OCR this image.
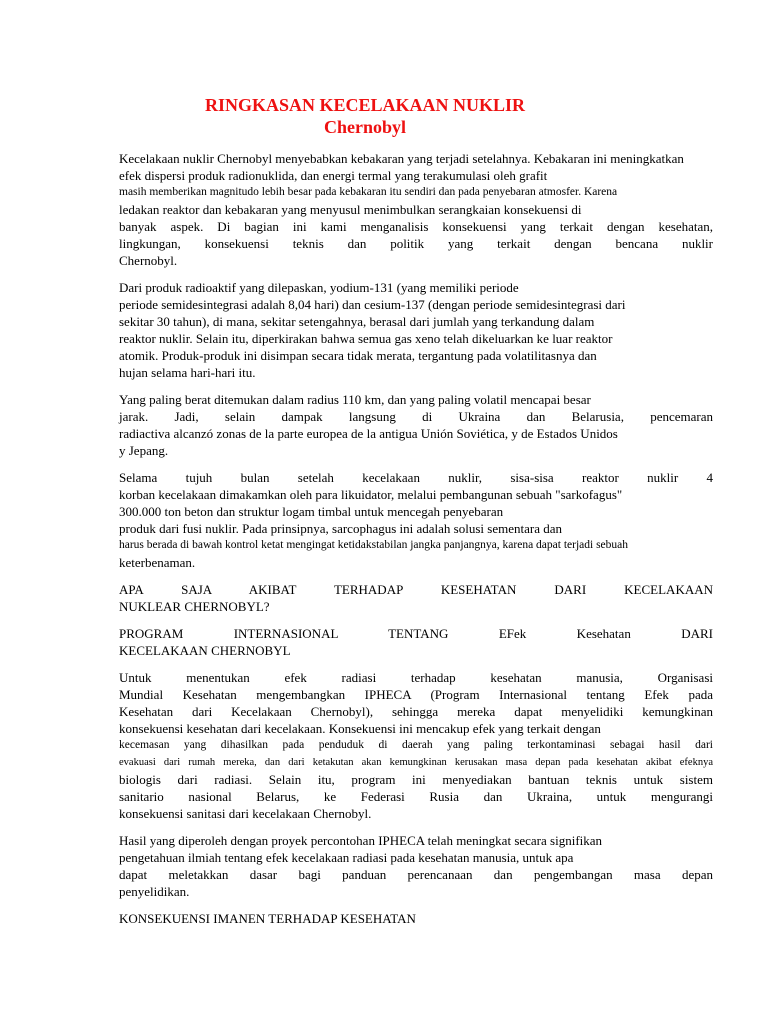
RINGKASAN KECELAKAAN NUKLIR
Chernobyl

Kecelakaan nuklir Chernobyl menyebabkan kebakaran yang terjadi setelahnya. Kebakaran ini meningkatkan
efek dispersi produk radionuklida, dan energi termal yang terakumulasi oleh grafit
masih memberikan magnitudo lebih besar pada kebakaran itu sendiri dan pada penyebaran atmosfer. Karena
ledakan reaktor dan kebakaran yang menyusul menimbulkan serangkaian konsekuensi di
banyak aspek. Di bagian ini kami menganalisis konsekuensi yang terkait dengan kesehatan,
lingkungan, konsekuensi teknis dan politik yang terkait dengan bencana nuklir
Chernobyl.

Dari produk radioaktif yang dilepaskan, yodium-131 (yang memiliki periode
periode semidesintegrasi adalah 8,04 hari) dan cesium-137 (dengan periode semidesintegrasi dari
sekitar 30 tahun), di mana, sekitar setengahnya, berasal dari jumlah yang terkandung dalam
reaktor nuklir. Selain itu, diperkirakan bahwa semua gas xeno telah dikeluarkan ke luar reaktor
atomik. Produk-produk ini disimpan secara tidak merata, tergantung pada volatilitasnya dan
hujan selama hari-hari itu.

Yang paling berat ditemukan dalam radius 110 km, dan yang paling volatil mencapai besar
jarak. Jadi, selain dampak langsung di Ukraina dan Belarusia, pencemaran
radiactiva alcanzó zonas de la parte europea de la antigua Unión Soviética, y de Estados Unidos
y Jepang.

Selama tujuh bulan setelah kecelakaan nuklir, sisa-sisa reaktor nuklir 4
korban kecelakaan dimakamkan oleh para likuidator, melalui pembangunan sebuah "sarkofagus"
300.000 ton beton dan struktur logam timbal untuk mencegah penyebaran
produk dari fusi nuklir. Pada prinsipnya, sarcophagus ini adalah solusi sementara dan
harus berada di bawah kontrol ketat mengingat ketidakstabilan jangka panjangnya, karena dapat terjadi sebuah
keterbenaman.

APA SAJA AKIBAT TERHADAP KESEHATAN DARI KECELAKAAN
NUKLEAR CHERNOBYL?

PROGRAM INTERNASIONAL TENTANG EFek Kesehatan DARI
KECELAKAAN CHERNOBYL

Untuk menentukan efek radiasi terhadap kesehatan manusia, Organisasi
Mundial Kesehatan mengembangkan IPHECA (Program Internasional tentang Efek pada
Kesehatan dari Kecelakaan Chernobyl), sehingga mereka dapat menyelidiki kemungkinan
konsekuensi kesehatan dari kecelakaan. Konsekuensi ini mencakup efek yang terkait dengan
kecemasan yang dihasilkan pada penduduk di daerah yang paling terkontaminasi sebagai hasil dari
evakuasi dari rumah mereka, dan dari ketakutan akan kemungkinan kerusakan masa depan pada kesehatan akibat efeknya
biologis dari radiasi. Selain itu, program ini menyediakan bantuan teknis untuk sistem
sanitario nasional Belarus, ke Federasi Rusia dan Ukraina, untuk mengurangi
konsekuensi sanitasi dari kecelakaan Chernobyl.

Hasil yang diperoleh dengan proyek percontohan IPHECA telah meningkat secara signifikan
pengetahuan ilmiah tentang efek kecelakaan radiasi pada kesehatan manusia, untuk apa
dapat meletakkan dasar bagi panduan perencanaan dan pengembangan masa depan
penyelidikan.

KONSEKUENSI IMANEN TERHADAP KESEHATAN
